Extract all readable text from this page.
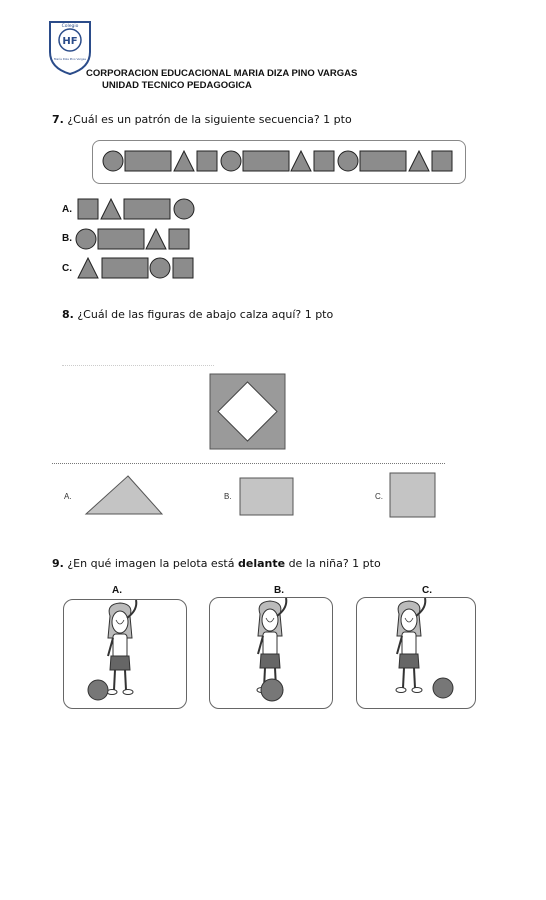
HF
Colegio
María Diza Pino Vargas
CORPORACION EDUCACIONAL MARIA DIZA PINO VARGAS
UNIDAD TECNICO PEDAGOGICA
7. ¿Cuál es un patrón de la siguiente secuencia? 1 pto
A.
B.
C.
8. ¿Cuál de las figuras de abajo calza aquí? 1 pto
A.	B.	C.
9. ¿En qué imagen la pelota está delante de la niña? 1 pto
A.	B.	C.
